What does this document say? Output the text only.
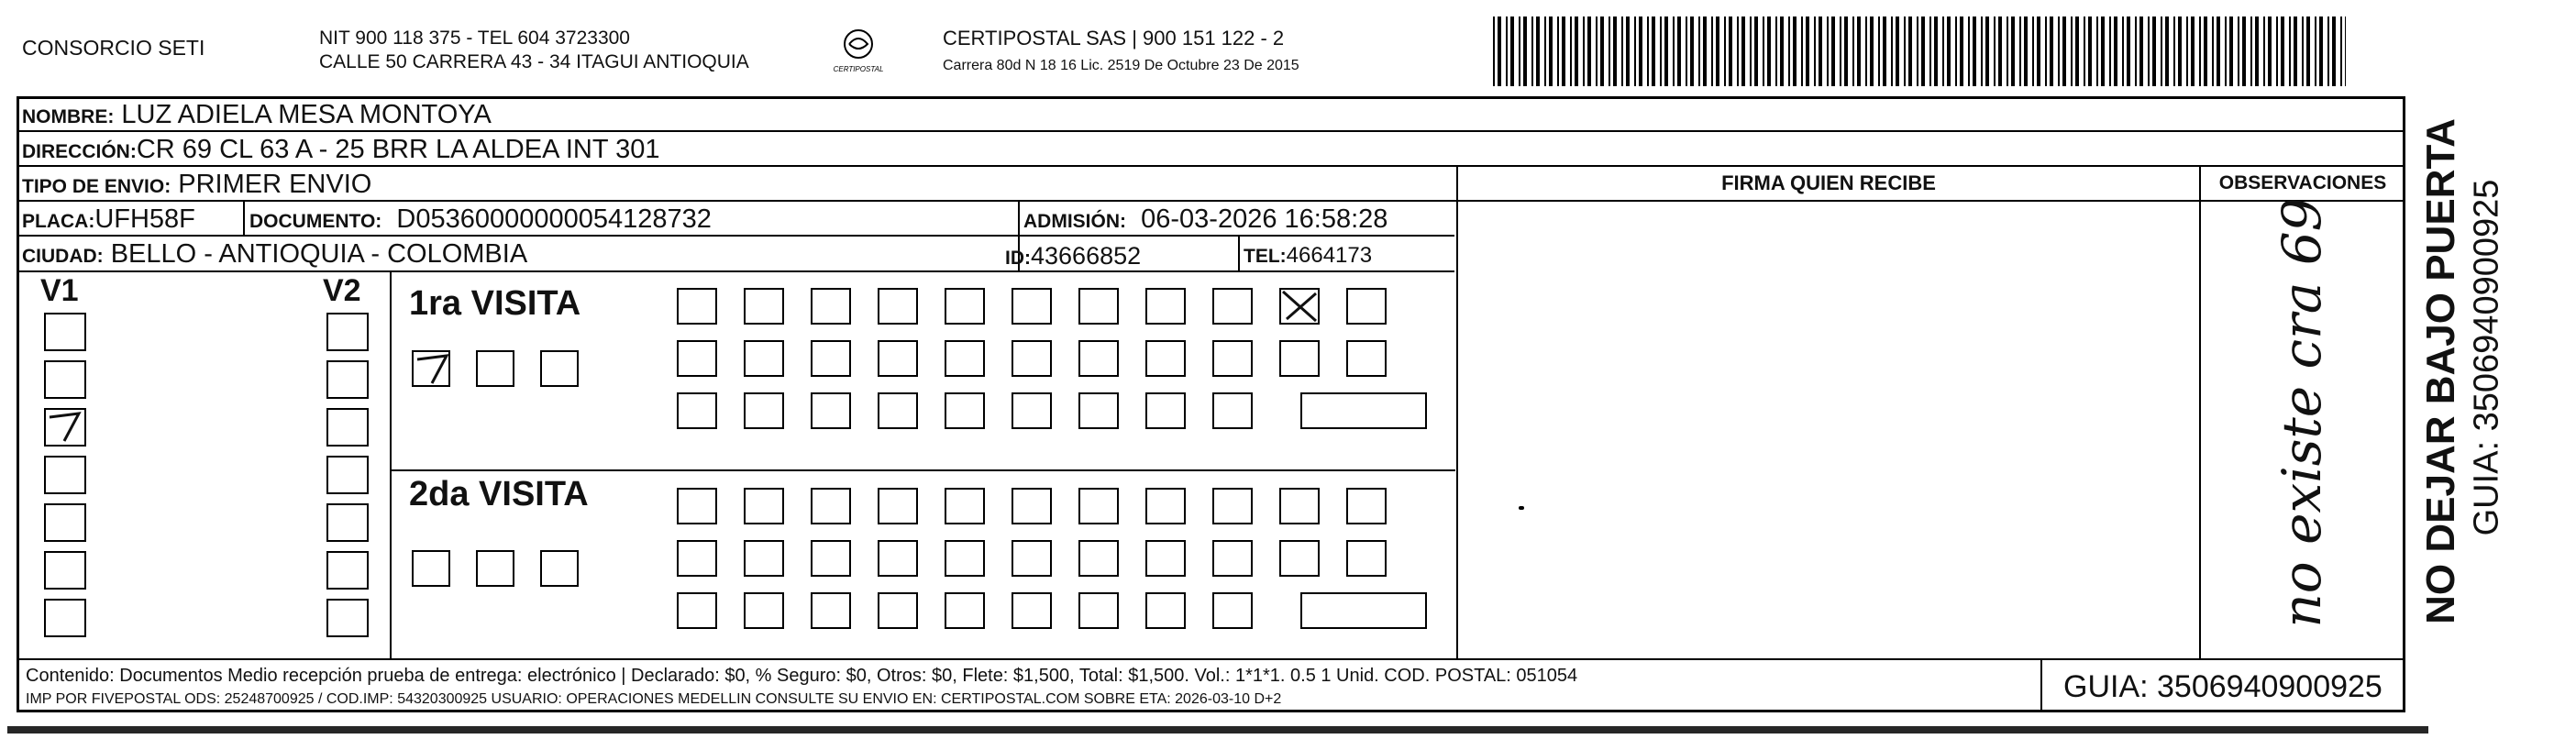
CONSORCIO SETI	NIT 900 118 375 - TEL 604 3723300
CALLE 50 CARRERA 43 - 34 ITAGUI ANTIOQUIA	CERTIPOSTAL
CERTIPOSTAL SAS | 900 151 122 - 2
Carrera 80d N 18 16 Lic. 2519 De Octubre 23 De 2015
NOMBRE: LUZ ADIELA MESA MONTOYA
DIRECCIÓN:CR 69 CL 63 A - 25 BRR LA ALDEA INT 301
TIPO DE ENVIO: PRIMER ENVIO
PLACA:UFH58F	DOCUMENTO: D05360000000054128732	ADMISIÓN: 06-03-2026 16:58:28
CIUDAD: BELLO - ANTIOQUIA - COLOMBIA	ID:43666852	TEL:4664173
FIRMA QUIEN RECIBE	OBSERVACIONES
V1	V2 1ra VISITA
2da VISITA	no existe cra 69
Contenido: Documentos Medio recepción prueba de entrega: electrónico | Declarado: $0, % Seguro: $0, Otros: $0, Flete: $1,500, Total: $1,500. Vol.: 1*1*1. 0.5 1 Unid. COD. POSTAL: 051054
IMP POR FIVEPOSTAL ODS: 25248700925 / COD.IMP: 54320300925 USUARIO: OPERACIONES MEDELLIN CONSULTE SU ENVIO EN: CERTIPOSTAL.COM SOBRE ETA: 2026-03-10 D+2	GUIA: 3506940900925
NO DEJAR BAJO PUERTA GUIA: 3506940900925
